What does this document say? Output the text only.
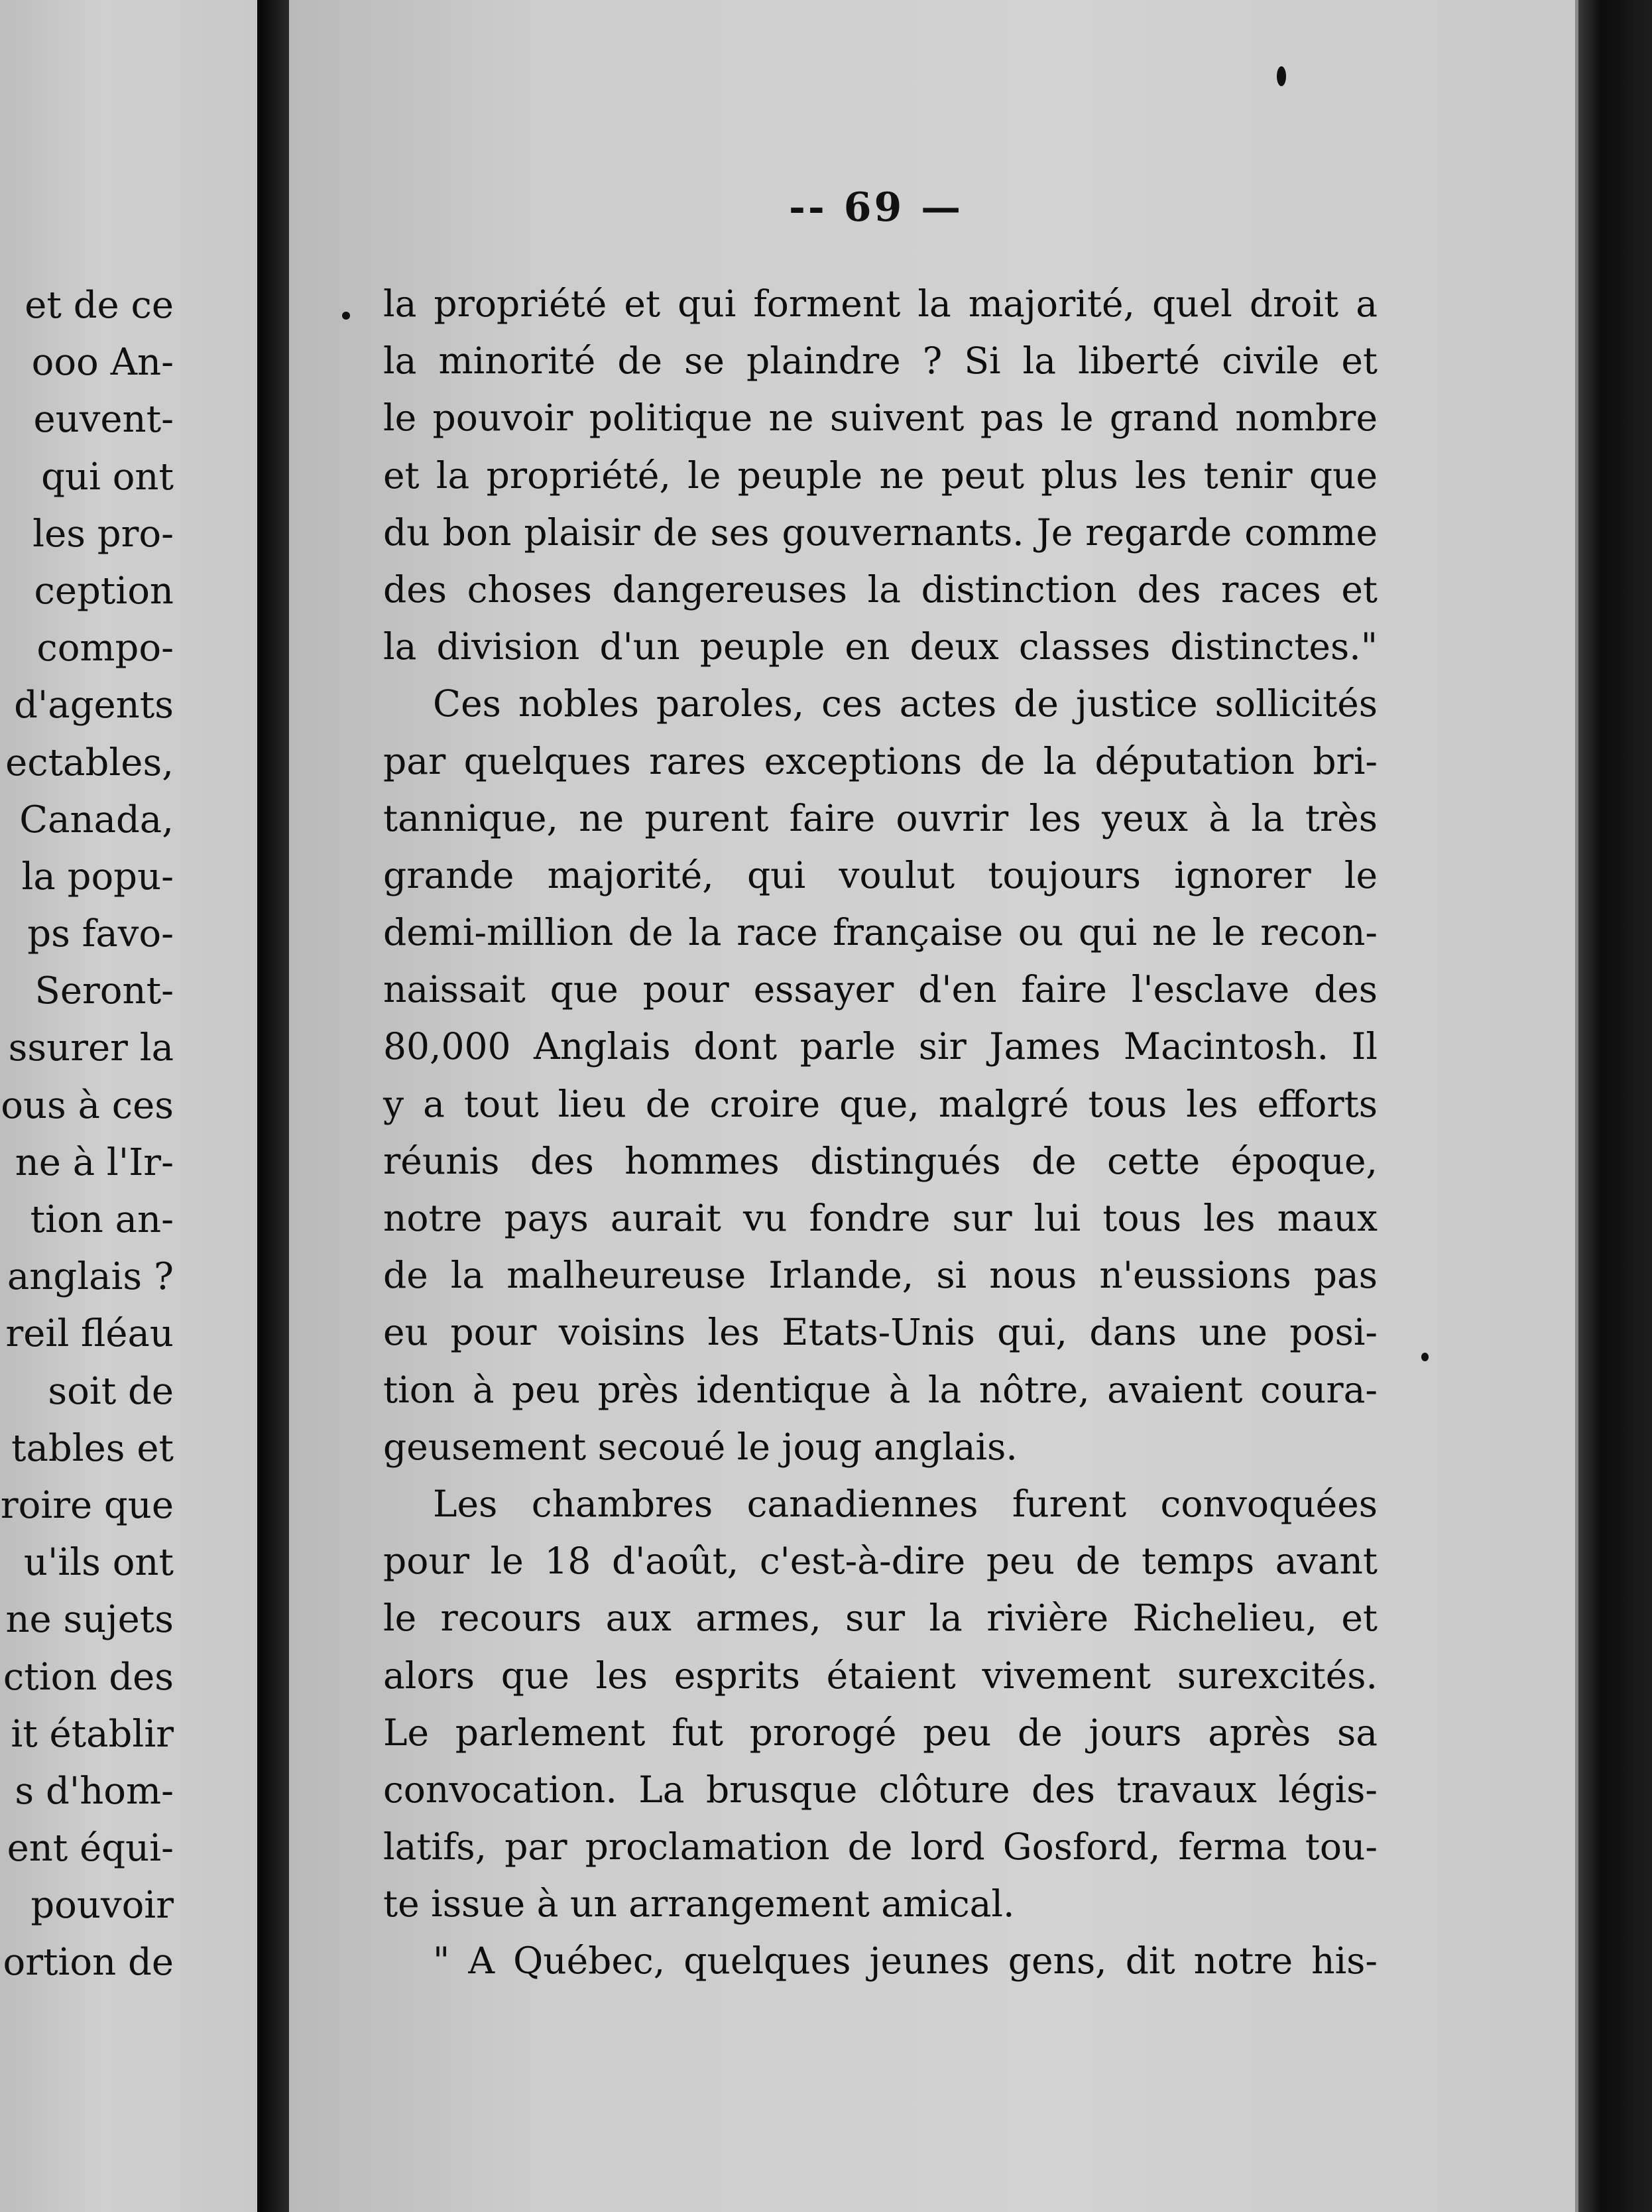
et de ce
ooo An-
euvent-
qui ont
les pro-
ception
compo-
d'agents
ectables,
Canada,
la popu-
ps favo-
Seront-
ssurer la
ous à ces
ne à l'Ir-
tion an-
anglais ?
reil fléau
soit de
tables et
roire que
u'ils ont
ne sujets
ction des
it établir
s d'hom-
ent équi-
pouvoir
ortion de
-- 69 —
la propriété et qui forment la majorité, quel droit a
la minorité de se plaindre ? Si la liberté civile et
le pouvoir politique ne suivent pas le grand nombre
et la propriété, le peuple ne peut plus les tenir que
du bon plaisir de ses gouvernants. Je regarde comme
des choses dangereuses la distinction des races et
la division d'un peuple en deux classes distinctes."
Ces nobles paroles, ces actes de justice sollicités
par quelques rares exceptions de la députation bri-
tannique, ne purent faire ouvrir les yeux à la très
grande majorité, qui voulut toujours ignorer le
demi-million de la race française ou qui ne le recon-
naissait que pour essayer d'en faire l'esclave des
80,000 Anglais dont parle sir James Macintosh. Il
y a tout lieu de croire que, malgré tous les efforts
réunis des hommes distingués de cette époque,
notre pays aurait vu fondre sur lui tous les maux
de la malheureuse Irlande, si nous n'eussions pas
eu pour voisins les Etats-Unis qui, dans une posi-
tion à peu près identique à la nôtre, avaient coura-
geusement secoué le joug anglais.
Les chambres canadiennes furent convoquées
pour le 18 d'août, c'est-à-dire peu de temps avant
le recours aux armes, sur la rivière Richelieu, et
alors que les esprits étaient vivement surexcités.
Le parlement fut prorogé peu de jours après sa
convocation. La brusque clôture des travaux légis-
latifs, par proclamation de lord Gosford, ferma tou-
te issue à un arrangement amical.
" A Québec, quelques jeunes gens, dit notre his-
